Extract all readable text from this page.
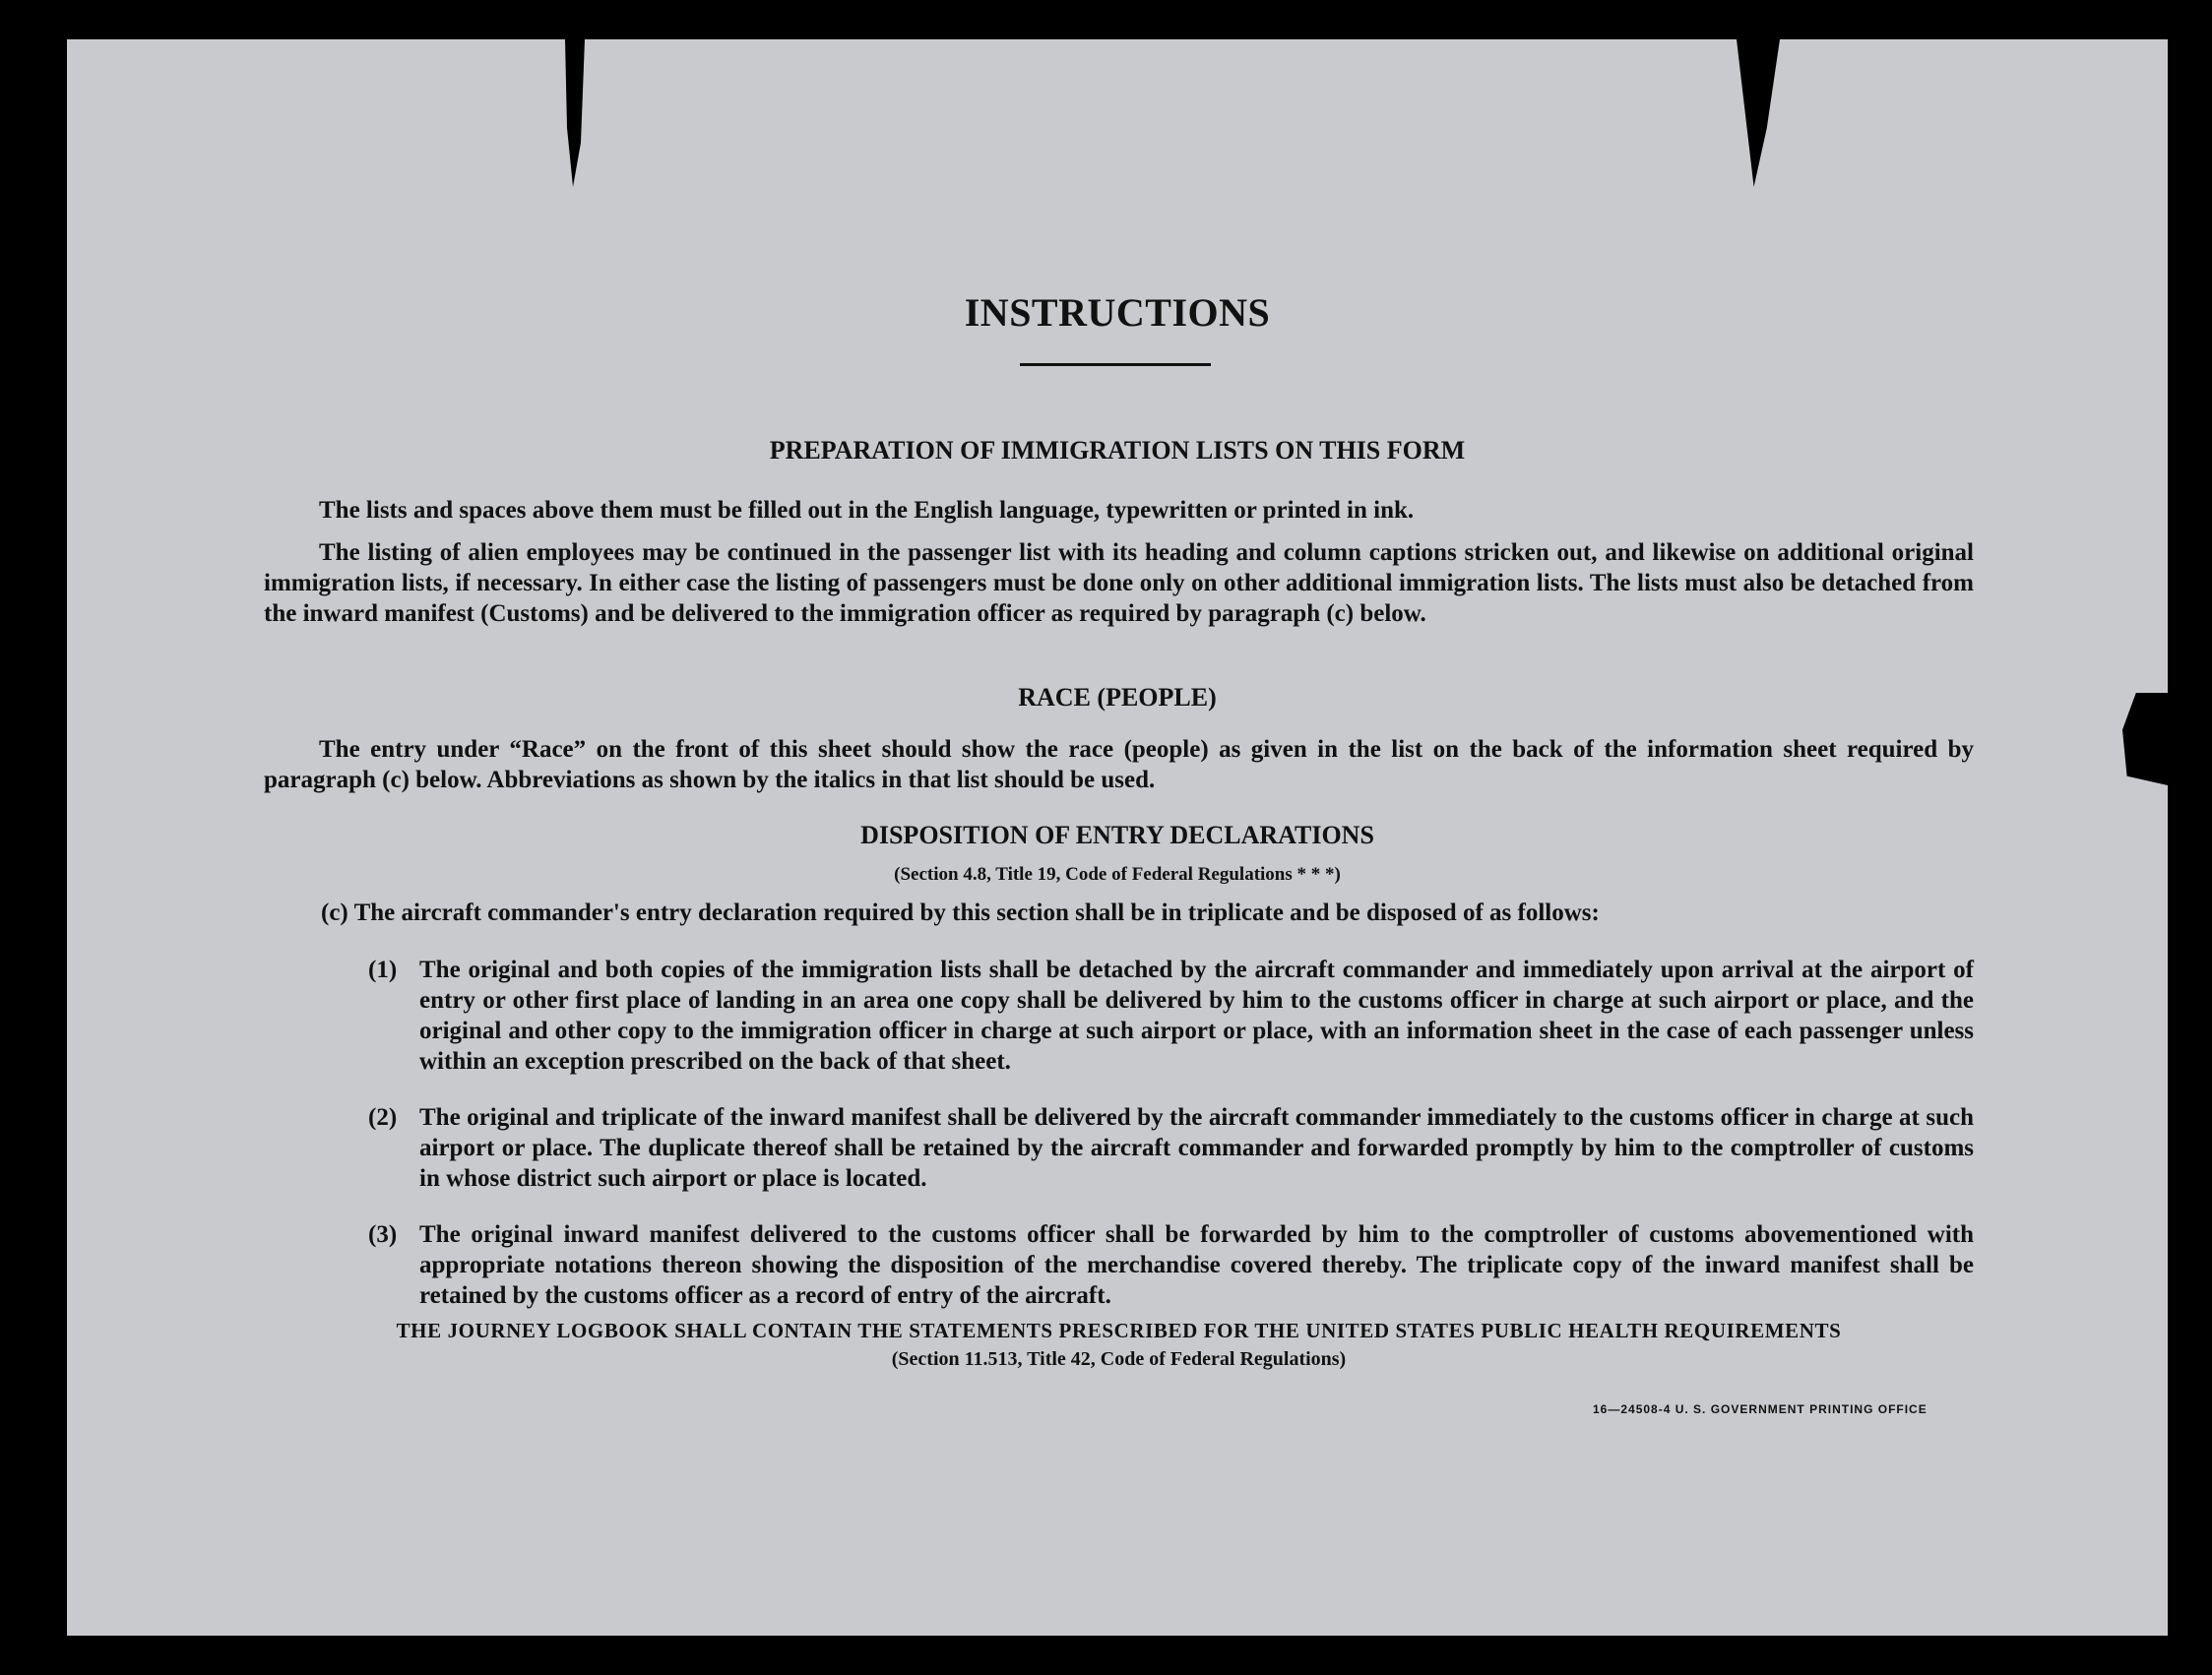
INSTRUCTIONS
PREPARATION OF IMMIGRATION LISTS ON THIS FORM
The lists and spaces above them must be filled out in the English language, typewritten or printed in ink.
The listing of alien employees may be continued in the passenger list with its heading and column captions stricken out, and likewise on additional original immigration lists, if necessary. In either case the listing of passengers must be done only on other additional immigration lists. The lists must also be detached from the inward manifest (Customs) and be delivered to the immigration officer as required by paragraph (c) below.
RACE (PEOPLE)
The entry under “Race” on the front of this sheet should show the race (people) as given in the list on the back of the information sheet required by paragraph (c) below. Abbreviations as shown by the italics in that list should be used.
DISPOSITION OF ENTRY DECLARATIONS
(Section 4.8, Title 19, Code of Federal Regulations * * *)
(c) The aircraft commander's entry declaration required by this section shall be in triplicate and be disposed of as follows:
(1) The original and both copies of the immigration lists shall be detached by the aircraft commander and immediately upon arrival at the airport of entry or other first place of landing in an area one copy shall be delivered by him to the customs officer in charge at such airport or place, and the original and other copy to the immigration officer in charge at such airport or place, with an information sheet in the case of each passenger unless within an exception prescribed on the back of that sheet.
(2) The original and triplicate of the inward manifest shall be delivered by the aircraft commander immediately to the customs officer in charge at such airport or place. The duplicate thereof shall be retained by the aircraft commander and forwarded promptly by him to the comptroller of customs in whose district such airport or place is located.
(3) The original inward manifest delivered to the customs officer shall be forwarded by him to the comptroller of customs abovementioned with appropriate notations thereon showing the disposition of the merchandise covered thereby. The triplicate copy of the inward manifest shall be retained by the customs officer as a record of entry of the aircraft.
THE JOURNEY LOGBOOK SHALL CONTAIN THE STATEMENTS PRESCRIBED FOR THE UNITED STATES PUBLIC HEALTH REQUIREMENTS
(Section 11.513, Title 42, Code of Federal Regulations)
16—24508-4 U. S. GOVERNMENT PRINTING OFFICE
